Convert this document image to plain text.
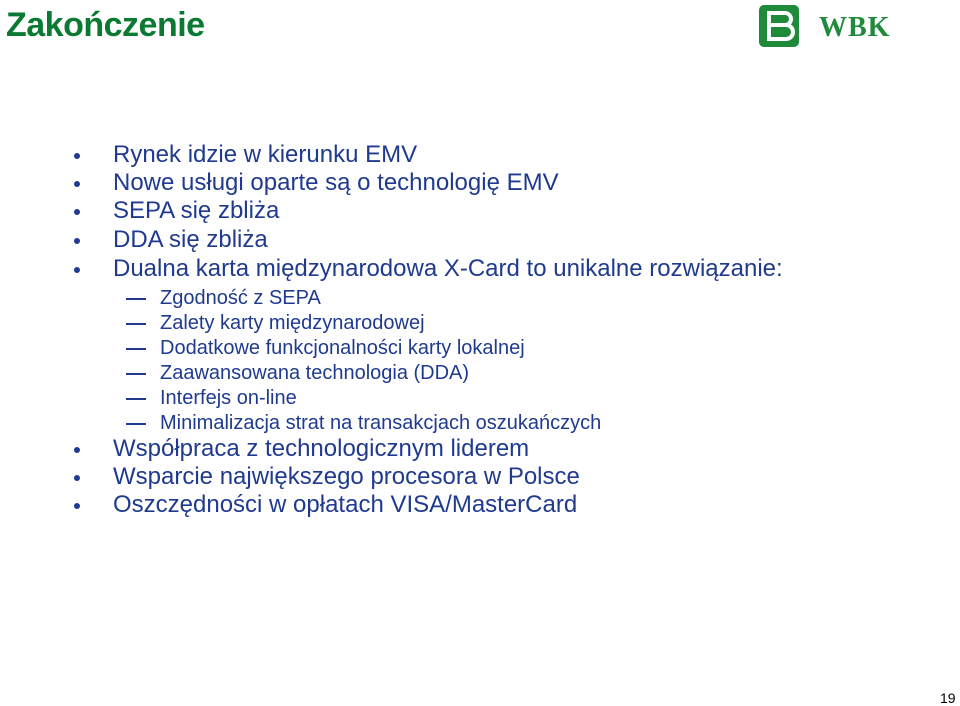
Zakończenie	WBK
Rynek idzie w kierunku EMV
Nowe usługi oparte są o technologię EMV
SEPA się zbliża
DDA się zbliża
Dualna karta międzynarodowa X-Card to unikalne rozwiązanie:
Zgodność z SEPA
Zalety karty międzynarodowej
Dodatkowe funkcjonalności karty lokalnej
Zaawansowana technologia (DDA)
Interfejs on-line
Minimalizacja strat na transakcjach oszukańczych
Współpraca z technologicznym liderem
Wsparcie największego procesora w Polsce
Oszczędności w opłatach VISA/MasterCard
19
